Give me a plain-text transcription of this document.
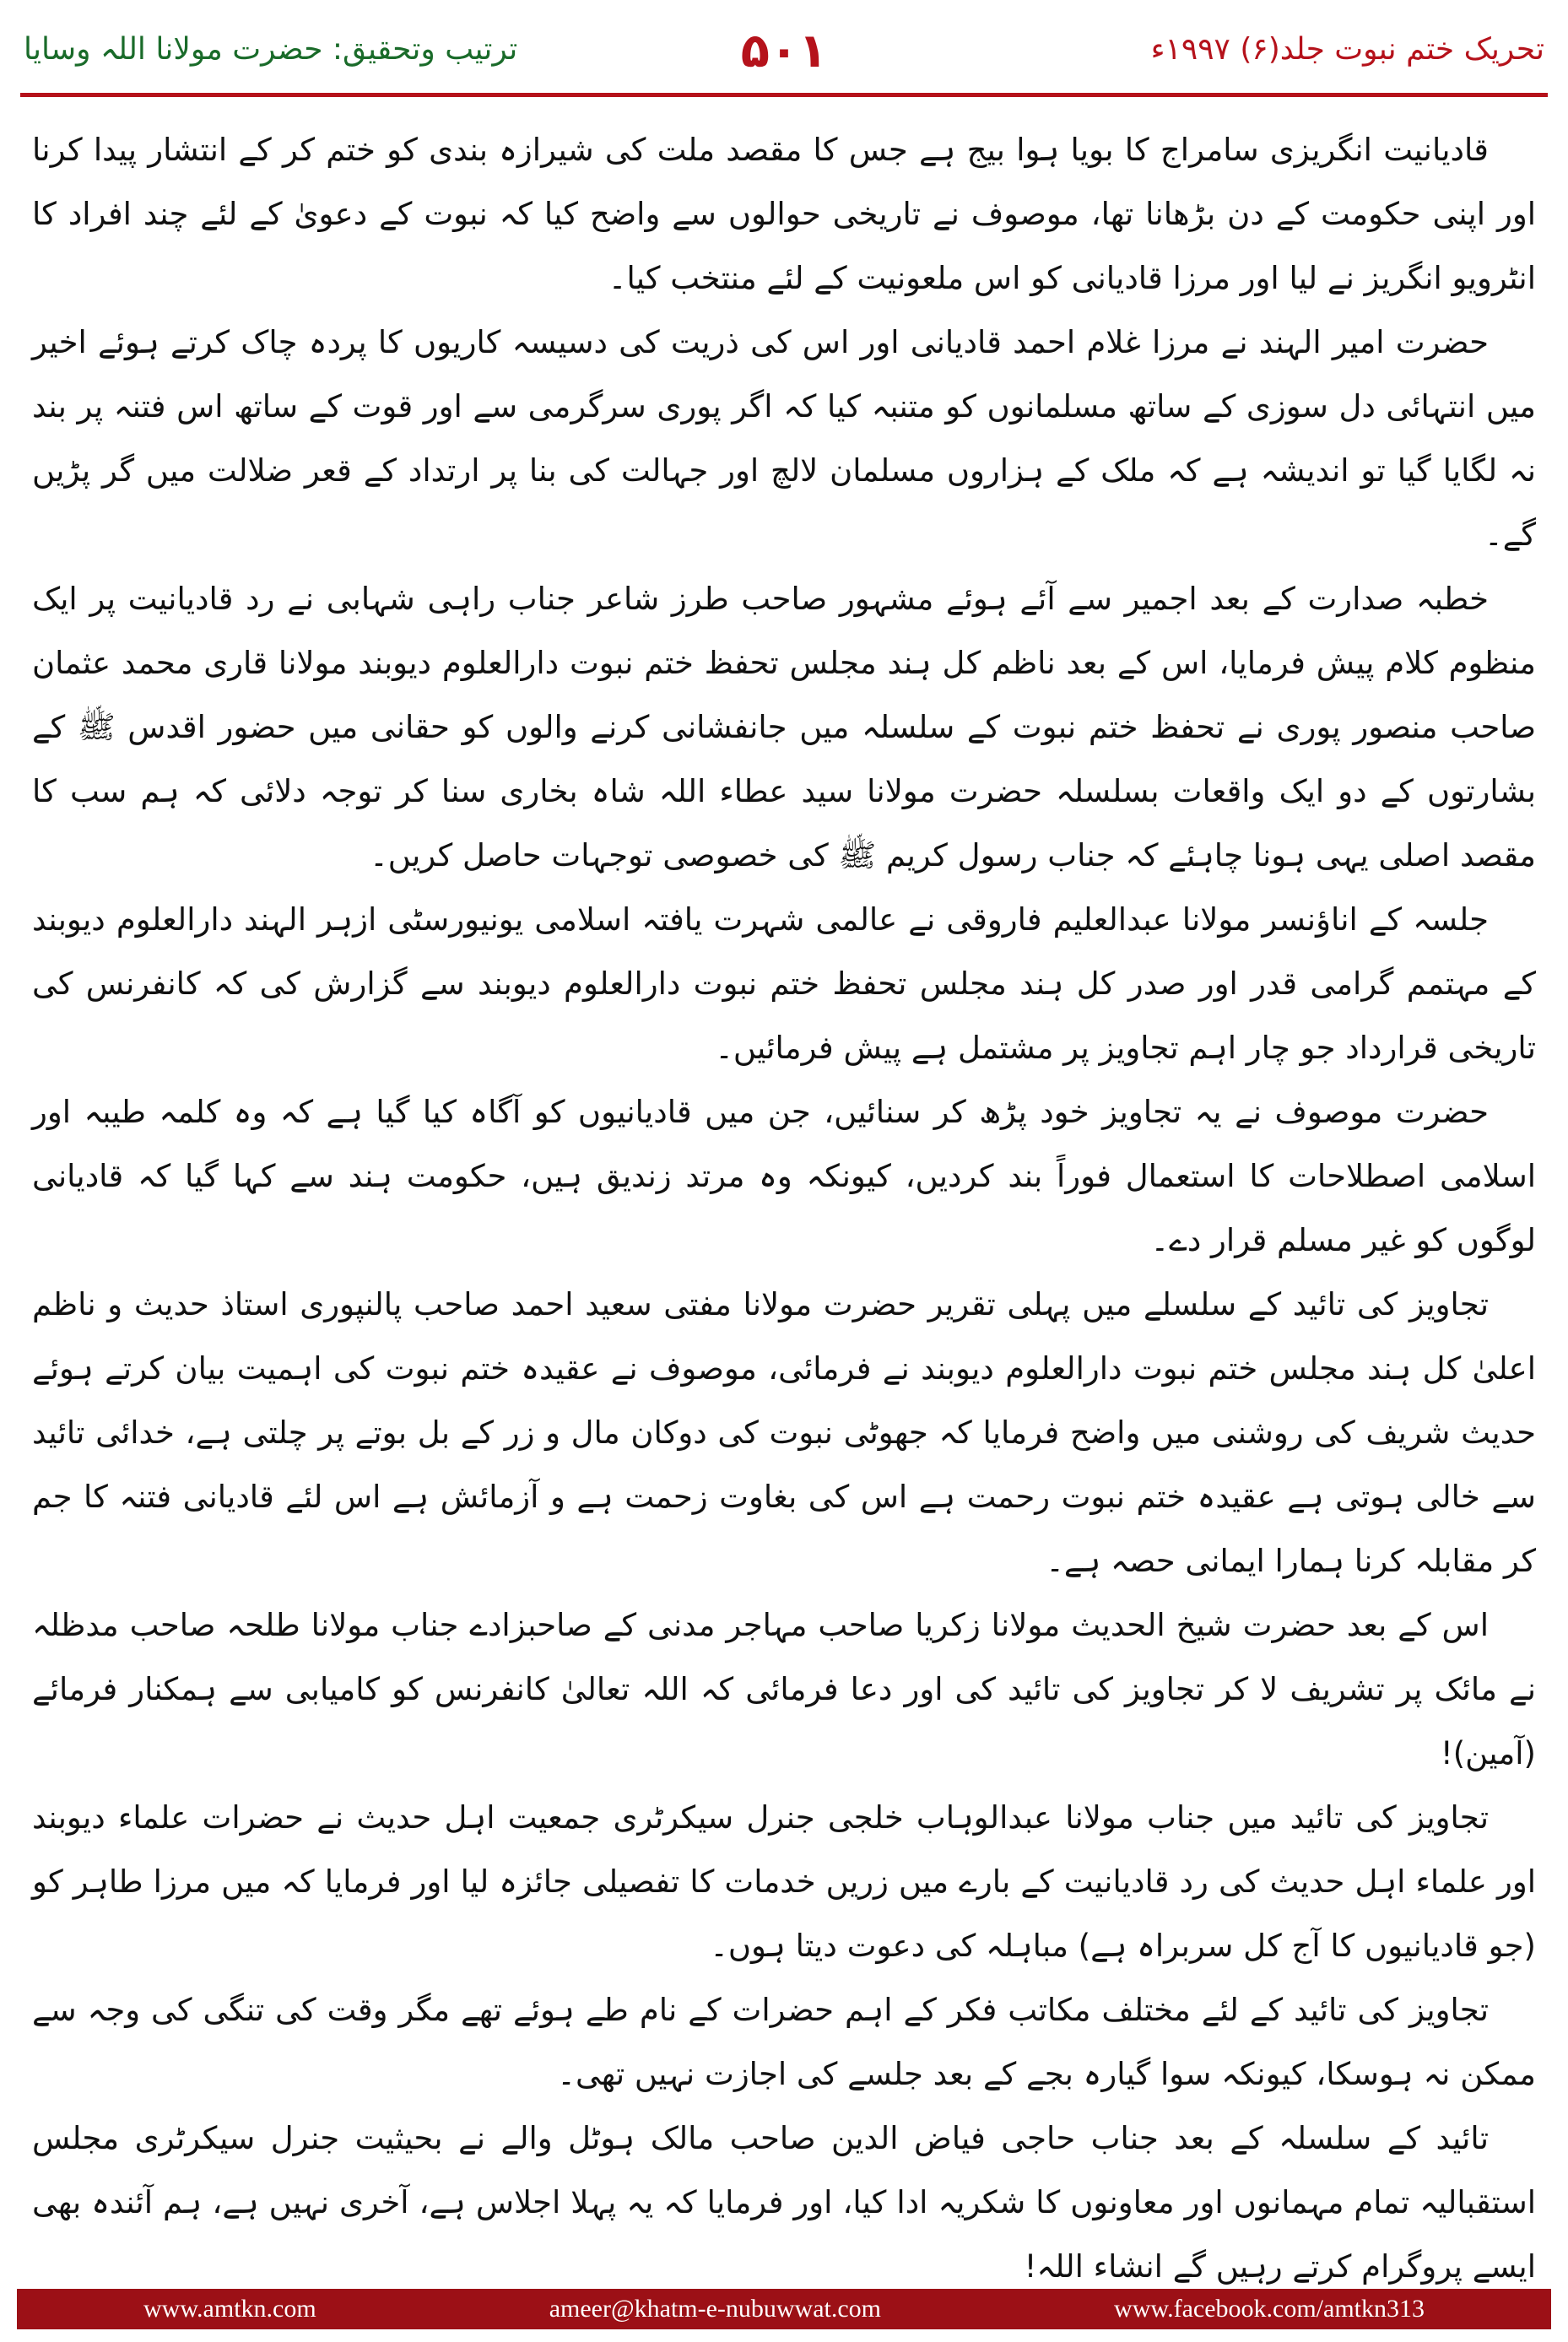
ترتیب وتحقیق: حضرت مولانا اللہ وسایا	۵۰۱	تحریک ختم نبوت جلد(۶) ۱۹۹۷ء

قادیانیت انگریزی سامراج کا بویا ہوا بیج ہے جس کا مقصد ملت کی شیرازہ بندی کو ختم کر کے انتشار پیدا کرنا اور اپنی حکومت کے دن بڑھانا تھا، موصوف نے تاریخی حوالوں سے واضح کیا کہ نبوت کے دعویٰ کے لئے چند افراد کا انٹرویو انگریز نے لیا اور مرزا قادیانی کو اس ملعونیت کے لئے منتخب کیا۔

حضرت امیر الہند نے مرزا غلام احمد قادیانی اور اس کی ذریت کی دسیسہ کاریوں کا پردہ چاک کرتے ہوئے اخیر میں انتہائی دل سوزی کے ساتھ مسلمانوں کو متنبہ کیا کہ اگر پوری سرگرمی سے اور قوت کے ساتھ اس فتنہ پر بند نہ لگایا گیا تو اندیشہ ہے کہ ملک کے ہزاروں مسلمان لالچ اور جہالت کی بنا پر ارتداد کے قعر ضلالت میں گر پڑیں گے۔

خطبہ صدارت کے بعد اجمیر سے آئے ہوئے مشہور صاحب طرز شاعر جناب راہی شہابی نے رد قادیانیت پر ایک منظوم کلام پیش فرمایا، اس کے بعد ناظم کل ہند مجلس تحفظ ختم نبوت دارالعلوم دیوبند مولانا قاری محمد عثمان صاحب منصور پوری نے تحفظ ختم نبوت کے سلسلہ میں جانفشانی کرنے والوں کو حقانی میں حضور اقدس ﷺ کے بشارتوں کے دو ایک واقعات بسلسلہ حضرت مولانا سید عطاء اللہ شاہ بخاری سنا کر توجہ دلائی کہ ہم سب کا مقصد اصلی یہی ہونا چاہئے کہ جناب رسول کریم ﷺ کی خصوصی توجہات حاصل کریں۔

جلسہ کے اناؤنسر مولانا عبدالعلیم فاروقی نے عالمی شہرت یافتہ اسلامی یونیورسٹی ازہر الہند دارالعلوم دیوبند کے مہتمم گرامی قدر اور صدر کل ہند مجلس تحفظ ختم نبوت دارالعلوم دیوبند سے گزارش کی کہ کانفرنس کی تاریخی قرارداد جو چار اہم تجاویز پر مشتمل ہے پیش فرمائیں۔

حضرت موصوف نے یہ تجاویز خود پڑھ کر سنائیں، جن میں قادیانیوں کو آگاہ کیا گیا ہے کہ وہ کلمہ طیبہ اور اسلامی اصطلاحات کا استعمال فوراً بند کردیں، کیونکہ وہ مرتد زندیق ہیں، حکومت ہند سے کہا گیا کہ قادیانی لوگوں کو غیر مسلم قرار دے۔

تجاویز کی تائید کے سلسلے میں پہلی تقریر حضرت مولانا مفتی سعید احمد صاحب پالنپوری استاذ حدیث و ناظم اعلیٰ کل ہند مجلس ختم نبوت دارالعلوم دیوبند نے فرمائی، موصوف نے عقیدہ ختم نبوت کی اہمیت بیان کرتے ہوئے حدیث شریف کی روشنی میں واضح فرمایا کہ جھوٹی نبوت کی دوکان مال و زر کے بل بوتے پر چلتی ہے، خدائی تائید سے خالی ہوتی ہے عقیدہ ختم نبوت رحمت ہے اس کی بغاوت زحمت ہے و آزمائش ہے اس لئے قادیانی فتنہ کا جم کر مقابلہ کرنا ہمارا ایمانی حصہ ہے۔

اس کے بعد حضرت شیخ الحدیث مولانا زکریا صاحب مہاجر مدنی کے صاحبزادے جناب مولانا طلحہ صاحب مدظلہ نے مائک پر تشریف لا کر تجاویز کی تائید کی اور دعا فرمائی کہ اللہ تعالیٰ کانفرنس کو کامیابی سے ہمکنار فرمائے (آمین)!

تجاویز کی تائید میں جناب مولانا عبدالوہاب خلجی جنرل سیکرٹری جمعیت اہل حدیث نے حضرات علماء دیوبند اور علماء اہل حدیث کی رد قادیانیت کے بارے میں زریں خدمات کا تفصیلی جائزہ لیا اور فرمایا کہ میں مرزا طاہر کو (جو قادیانیوں کا آج کل سربراہ ہے) مباہلہ کی دعوت دیتا ہوں۔

تجاویز کی تائید کے لئے مختلف مکاتب فکر کے اہم حضرات کے نام طے ہوئے تھے مگر وقت کی تنگی کی وجہ سے ممکن نہ ہوسکا، کیونکہ سوا گیارہ بجے کے بعد جلسے کی اجازت نہیں تھی۔

تائید کے سلسلہ کے بعد جناب حاجی فیاض الدین صاحب مالک ہوٹل والے نے بحیثیت جنرل سیکرٹری مجلس استقبالیہ تمام مہمانوں اور معاونوں کا شکریہ ادا کیا، اور فرمایا کہ یہ پہلا اجلاس ہے، آخری نہیں ہے، ہم آئندہ بھی ایسے پروگرام کرتے رہیں گے انشاء اللہ!

www.amtkn.com	ameer@khatm-e-nubuwwat.com	www.facebook.com/amtkn313
